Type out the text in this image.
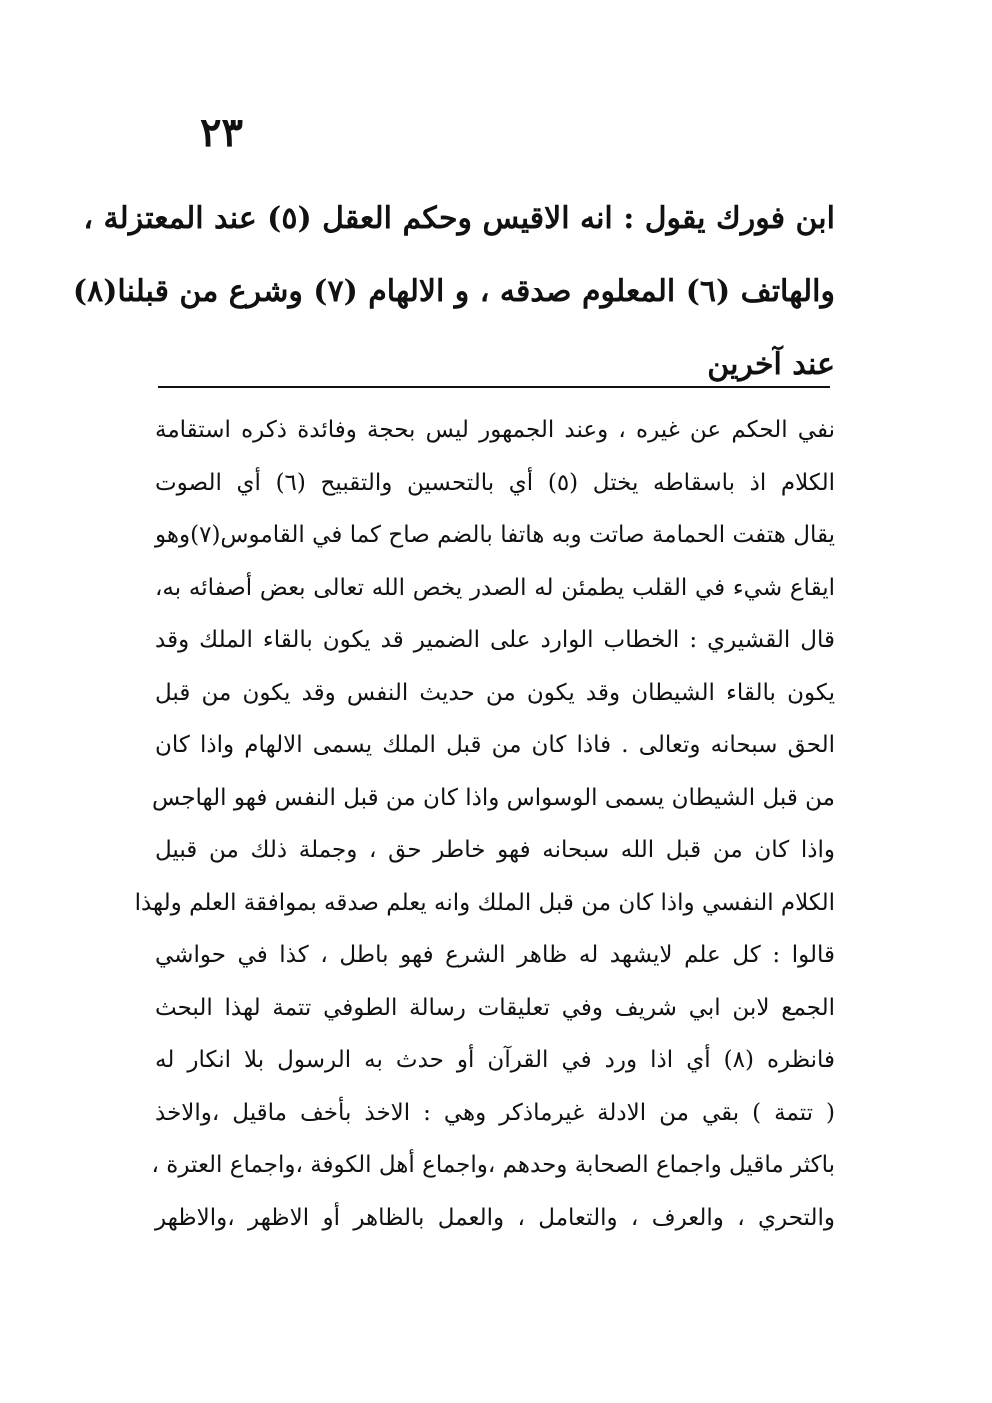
٢٣
ابن فورك يقول : انه الاقيس وحكم العقل (٥) عند المعتزلة ،
والهاتف (٦) المعلوم صدقه ، و الالهام (٧) وشرع من قبلنا(٨)
عند آخرين
نفي الحكم عن غيره ، وعند الجمهور ليس بحجة وفائدة ذكره استقامة
الكلام اذ باسقاطه يختل (٥) أي بالتحسين والتقبيح (٦) أي الصوت
يقال هتفت الحمامة صاتت وبه هاتفا بالضم صاح كما في القاموس(٧)وهو
ايقاع شيء في القلب يطمئن له الصدر يخص الله تعالى بعض أصفائه به،
قال القشيري : الخطاب الوارد على الضمير قد يكون بالقاء الملك وقد
يكون بالقاء الشيطان وقد يكون من حديث النفس وقد يكون من قبل
الحق سبحانه وتعالى . فاذا كان من قبل الملك يسمى الالهام واذا كان
من قبل الشيطان يسمى الوسواس واذا كان من قبل النفس فهو الهاجس
واذا كان من قبل الله سبحانه فهو خاطر حق ، وجملة ذلك من قبيل
الكلام النفسي واذا كان من قبل الملك وانه يعلم صدقه بموافقة العلم ولهذا
قالوا : كل علم لايشهد له ظاهر الشرع فهو باطل ، كذا في حواشي
الجمع لابن ابي شريف وفي تعليقات رسالة الطوفي تتمة لهذا البحث
فانظره (٨) أي اذا ورد في القرآن أو حدث به الرسول بلا انكار له
( تتمة ) بقي من الادلة غيرماذكر وهي : الاخذ بأخف ماقيل ،والاخذ
باكثر ماقيل واجماع الصحابة وحدهم ،واجماع أهل الكوفة ،واجماع العترة ،
والتحري ، والعرف ، والتعامل ، والعمل بالظاهر أو الاظهر ،والاظهر
